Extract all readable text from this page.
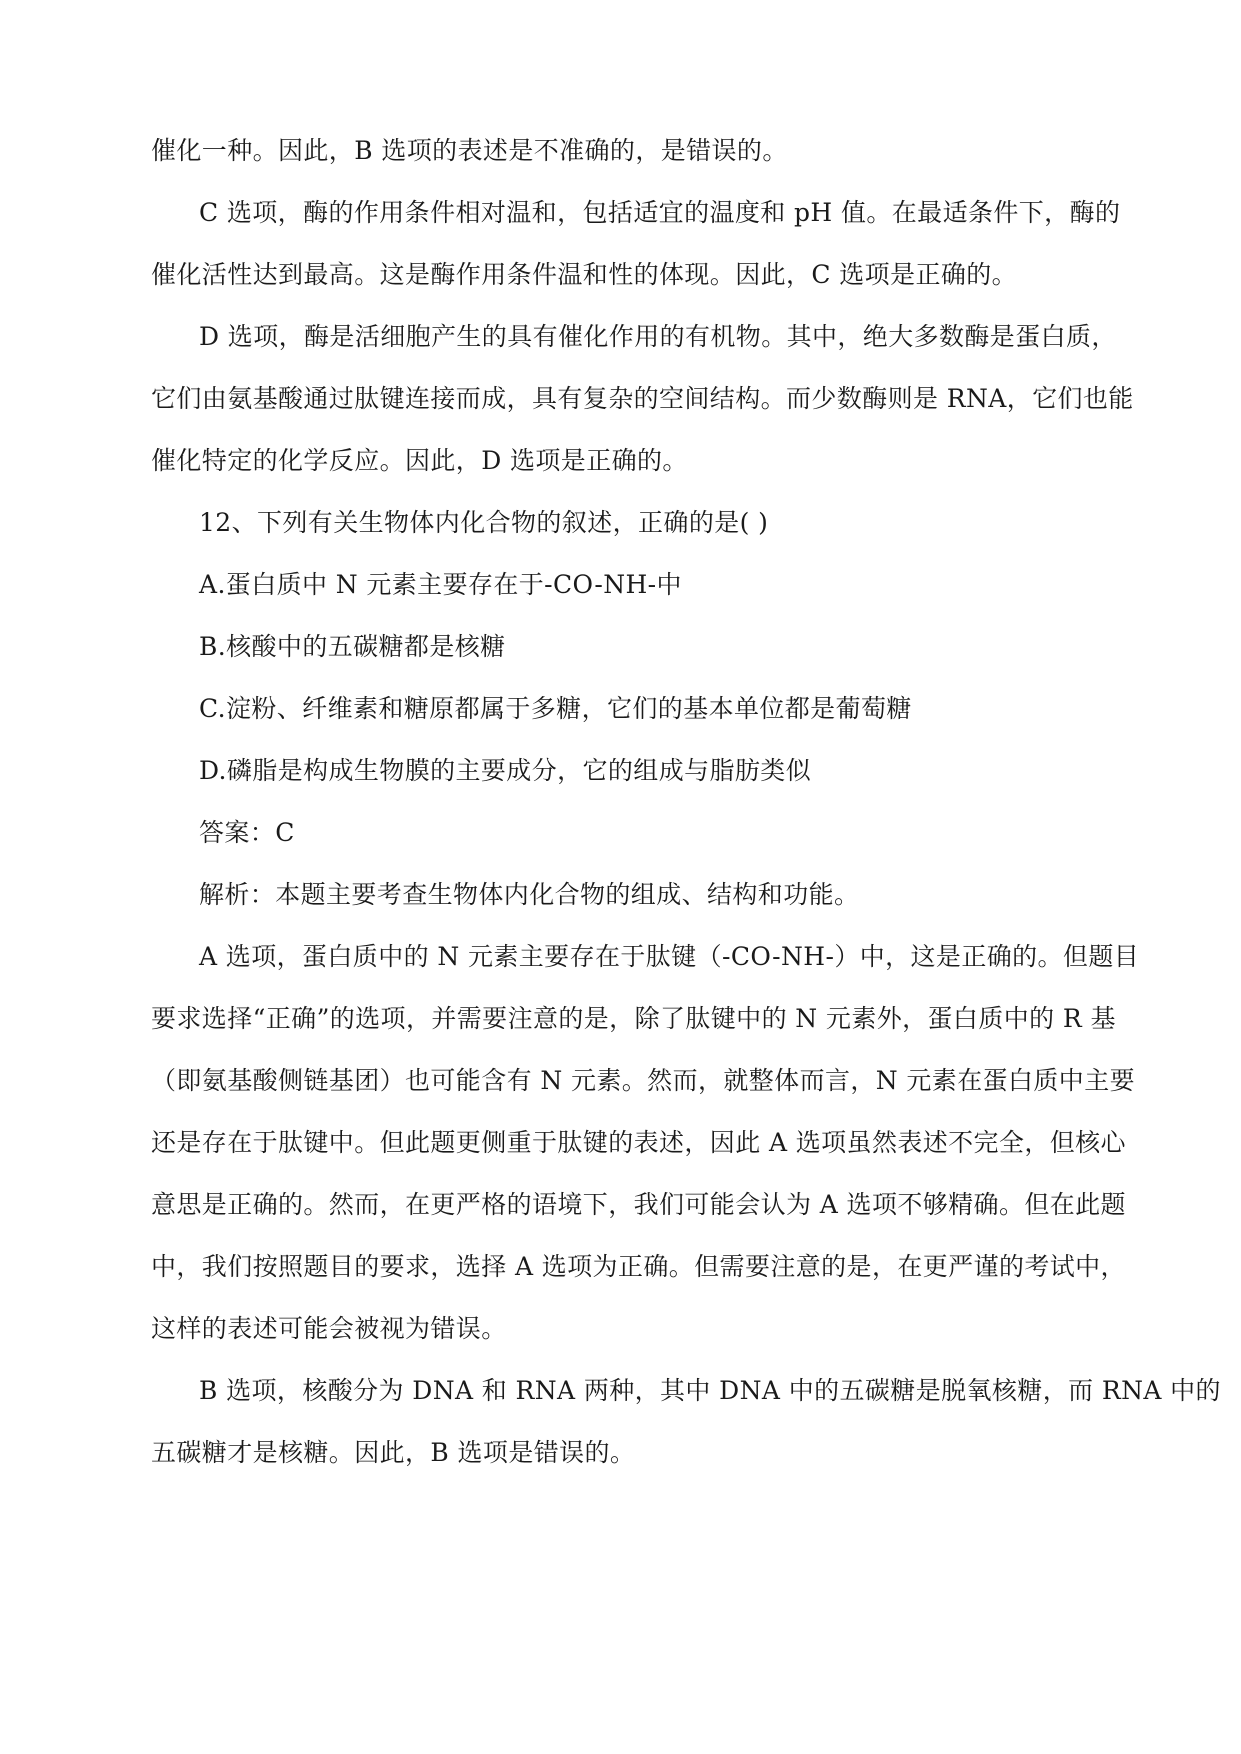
催化一种。因此，B 选项的表述是不准确的，是错误的。
C 选项，酶的作用条件相对温和，包括适宜的温度和 pH 值。在最适条件下，酶的
催化活性达到最高。这是酶作用条件温和性的体现。因此，C 选项是正确的。
D 选项，酶是活细胞产生的具有催化作用的有机物。其中，绝大多数酶是蛋白质，
它们由氨基酸通过肽键连接而成，具有复杂的空间结构。而少数酶则是 RNA，它们也能
催化特定的化学反应。因此，D 选项是正确的。
12、下列有关生物体内化合物的叙述，正确的是( )
A.蛋白质中 N 元素主要存在于-CO-NH-中
B.核酸中的五碳糖都是核糖
C.淀粉、纤维素和糖原都属于多糖，它们的基本单位都是葡萄糖
D.磷脂是构成生物膜的主要成分，它的组成与脂肪类似
答案：C
解析：本题主要考查生物体内化合物的组成、结构和功能。
A 选项，蛋白质中的 N 元素主要存在于肽键（-CO-NH-）中，这是正确的。但题目
要求选择“正确”的选项，并需要注意的是，除了肽键中的 N 元素外，蛋白质中的 R 基
（即氨基酸侧链基团）也可能含有 N 元素。然而，就整体而言，N 元素在蛋白质中主要
还是存在于肽键中。但此题更侧重于肽键的表述，因此 A 选项虽然表述不完全，但核心
意思是正确的。然而，在更严格的语境下，我们可能会认为 A 选项不够精确。但在此题
中，我们按照题目的要求，选择 A 选项为正确。但需要注意的是，在更严谨的考试中，
这样的表述可能会被视为错误。
B 选项，核酸分为 DNA 和 RNA 两种，其中 DNA 中的五碳糖是脱氧核糖，而 RNA 中的
五碳糖才是核糖。因此，B 选项是错误的。
